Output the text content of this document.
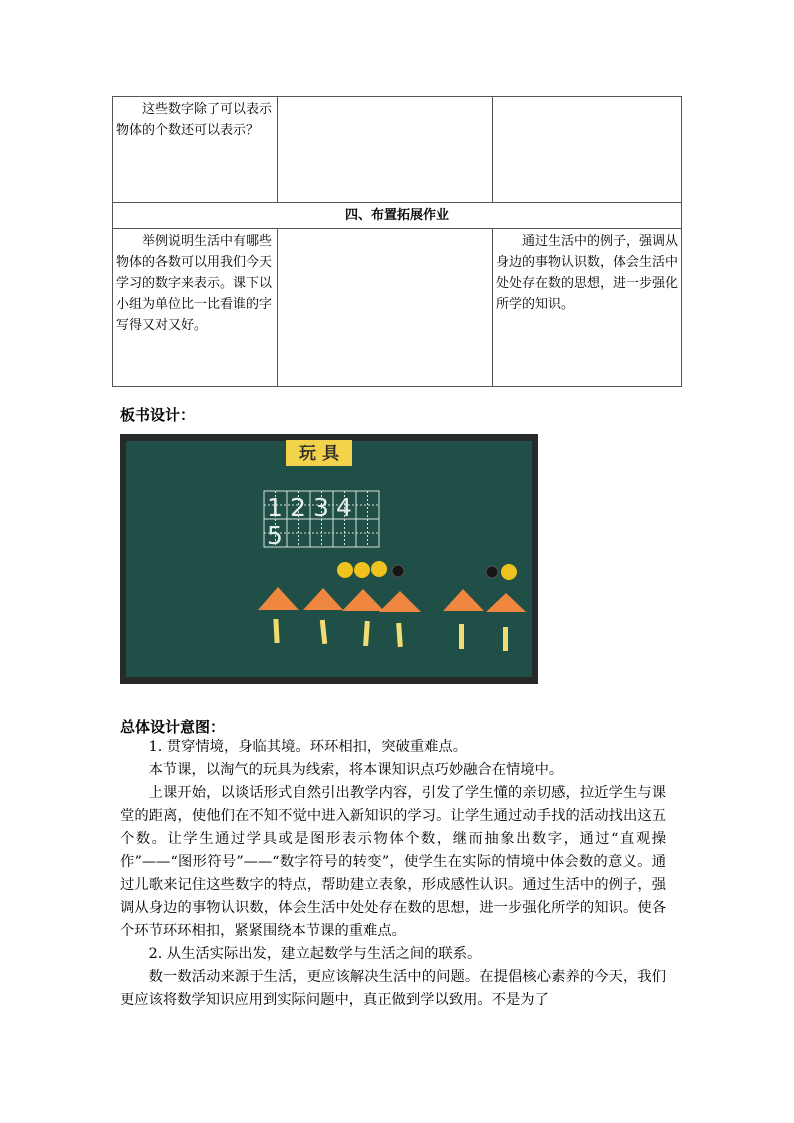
这些数字除了可以表示物体的个数还可以表示？		

四、布置拓展作业		

举例说明生活中有哪些物体的各数可以用我们今天学习的数字来表示。课下以小组为单位比一比看谁的字写得又对又好。		通过生活中的例子，强调从身边的事物认识数，体会生活中处处存在数的思想，进一步强化所学的知识。

板书设计：
玩 具
1 2 3 4
5
总体设计意图：

1. 贯穿情境，身临其境。环环相扣，突破重难点。

本节课，以淘气的玩具为线索，将本课知识点巧妙融合在情境中。

上课开始，以谈话形式自然引出教学内容，引发了学生懂的亲切感，拉近学生与课堂的距离，使他们在不知不觉中进入新知识的学习。让学生通过动手找的活动找出这五个数。让学生通过学具或是图形表示物体个数，继而抽象出数字，通过“直观操作”——“图形符号”——“数字符号的转变”，使学生在实际的情境中体会数的意义。通过儿歌来记住这些数字的特点，帮助建立表象，形成感性认识。通过生活中的例子，强调从身边的事物认识数，体会生活中处处存在数的思想，进一步强化所学的知识。使各个环节环环相扣，紧紧围绕本节课的重难点。

2. 从生活实际出发，建立起数学与生活之间的联系。

数一数活动来源于生活，更应该解决生活中的问题。在提倡核心素养的今天，我们更应该将数学知识应用到实际问题中，真正做到学以致用。不是为了
